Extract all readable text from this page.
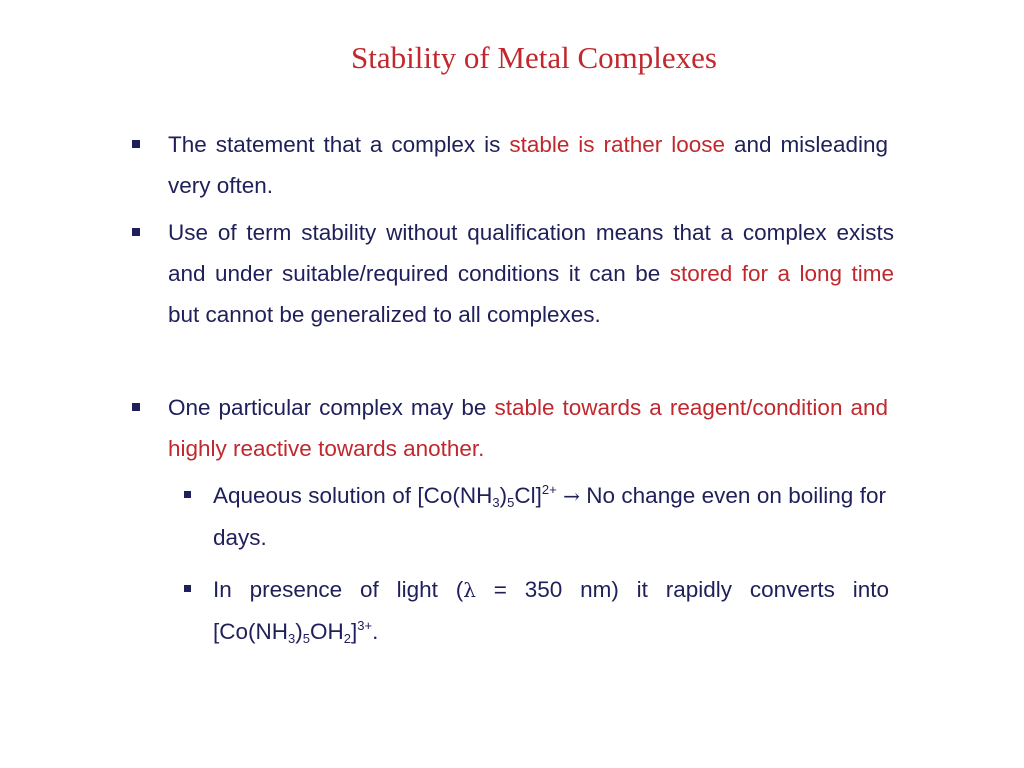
Stability of Metal Complexes
The statement that a complex is stable is rather loose and misleading very often.
Use of term stability without qualification means that a complex exists and under suitable/required conditions it can be stored for a long time but cannot be generalized to all complexes.
One particular complex may be stable towards a reagent/condition and highly reactive towards another.
Aqueous solution of $[Co(NH_3)_5Cl]^{2+} \to No$ change even on boiling for days.
In presence of light (λ = 350 nm) it rapidly converts into $[Co(NH_3)_5OH_2]^{3+}$.
